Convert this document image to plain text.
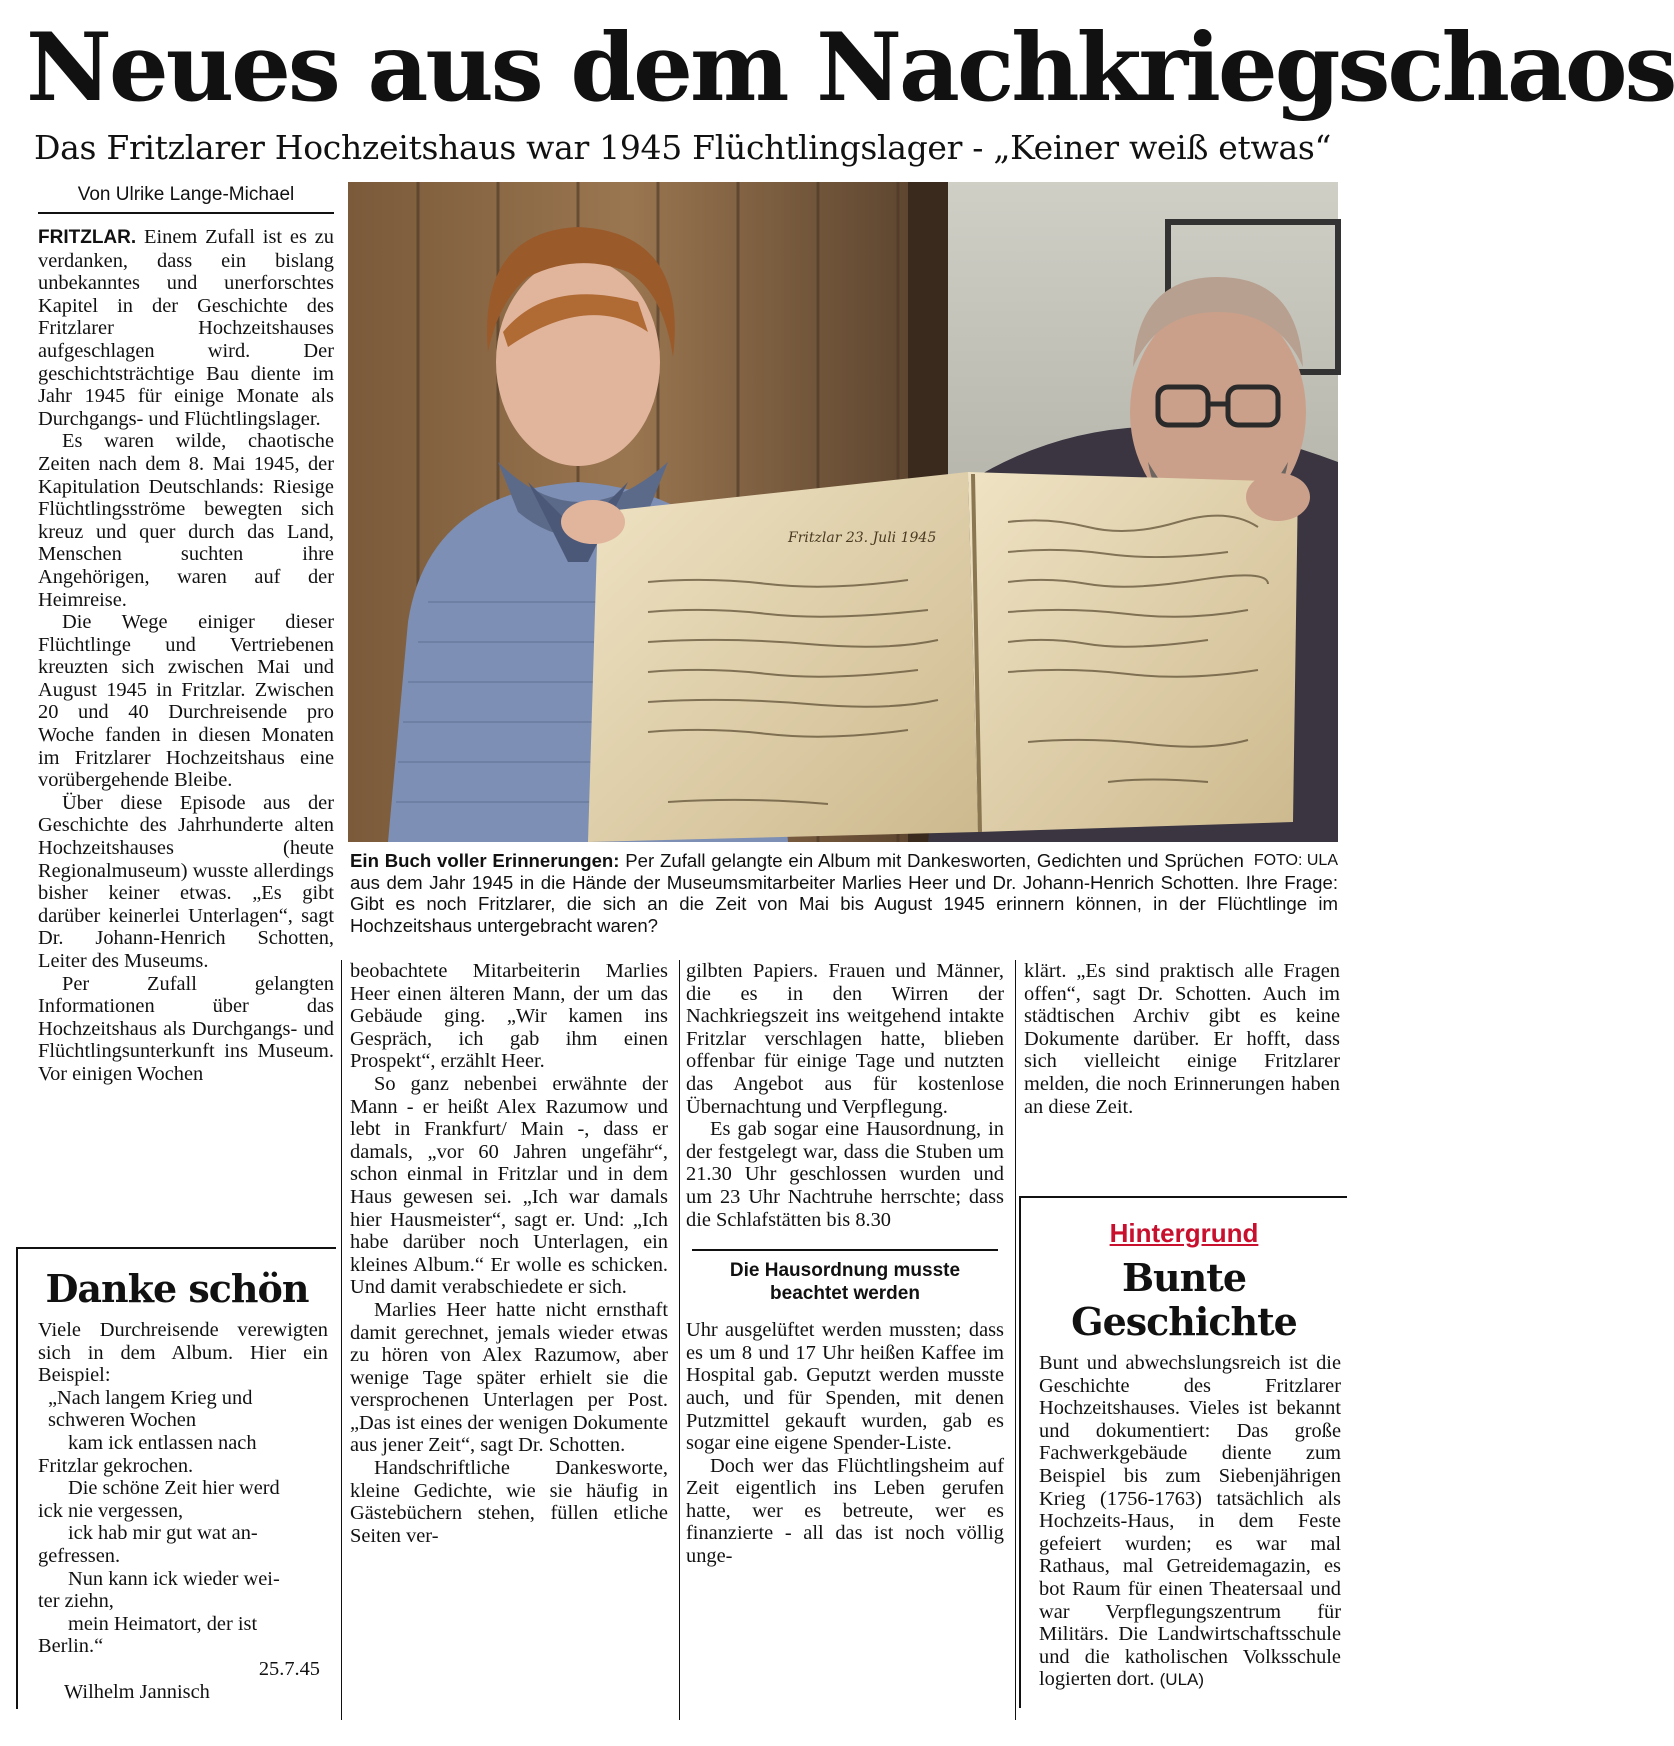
Neues aus dem Nachkriegschaos
Das Fritzlarer Hochzeitshaus war 1945 Flüchtlingslager - „Keiner weiß etwas“
Von Ulrike Lange-Michael

FRITZLAR. Einem Zufall ist es zu verdanken, dass ein bislang unbekanntes und unerforschtes Kapitel in der Geschichte des Fritzlarer Hochzeitshauses aufgeschlagen wird. Der geschichtsträchtige Bau diente im Jahr 1945 für einige Monate als Durchgangs- und Flüchtlingslager.

Es waren wilde, chaotische Zeiten nach dem 8. Mai 1945, der Kapitulation Deutschlands: Riesige Flüchtlingsströme bewegten sich kreuz und quer durch das Land, Menschen suchten ihre Angehörigen, waren auf der Heimreise.

Die Wege einiger dieser Flüchtlinge und Vertriebenen kreuzten sich zwischen Mai und August 1945 in Fritzlar. Zwischen 20 und 40 Durchreisende pro Woche fanden in diesen Monaten im Fritzlarer Hochzeitshaus eine vorübergehende Bleibe.

Über diese Episode aus der Geschichte des Jahrhunderte alten Hochzeitshauses (heute Regionalmuseum) wusste allerdings bisher keiner etwas. „Es gibt darüber keinerlei Unterlagen“, sagt Dr. Johann-Henrich Schotten, Leiter des Museums.

Per Zufall gelangten Informationen über das Hochzeitshaus als Durchgangs- und Flüchtlingsunterkunft ins Museum. Vor einigen Wochen

Fritzlar 23. Juli 1945
FOTO: ULA
Ein Buch voller Erinnerungen: Per Zufall gelangte ein Album mit Dankesworten, Gedichten und Sprüchen aus dem Jahr 1945 in die Hände der Museumsmitarbeiter Marlies Heer und Dr. Johann-Henrich Schotten. Ihre Frage: Gibt es noch Fritzlarer, die sich an die Zeit von Mai bis August 1945 erinnern können, in der Flüchtlinge im Hochzeitshaus untergebracht waren?

beobachtete Mitarbeiterin Marlies Heer einen älteren Mann, der um das Gebäude ging. „Wir kamen ins Gespräch, ich gab ihm einen Prospekt“, erzählt Heer.

So ganz nebenbei erwähnte der Mann - er heißt Alex Razumow und lebt in Frankfurt/ Main -, dass er damals, „vor 60 Jahren ungefähr“, schon einmal in Fritzlar und in dem Haus gewesen sei. „Ich war damals hier Hausmeister“, sagt er. Und: „Ich habe darüber noch Unterlagen, ein kleines Album.“ Er wolle es schicken. Und damit verabschiedete er sich.

Marlies Heer hatte nicht ernsthaft damit gerechnet, jemals wieder etwas zu hören von Alex Razumow, aber wenige Tage später erhielt sie die versprochenen Unterlagen per Post. „Das ist eines der wenigen Dokumente aus jener Zeit“, sagt Dr. Schotten.

Handschriftliche Dankesworte, kleine Gedichte, wie sie häufig in Gästebüchern stehen, füllen etliche Seiten ver-

gilbten Papiers. Frauen und Männer, die es in den Wirren der Nachkriegszeit ins weitgehend intakte Fritzlar verschlagen hatte, blieben offenbar für einige Tage und nutzten das Angebot aus für kostenlose Übernachtung und Verpflegung.

Es gab sogar eine Hausordnung, in der festgelegt war, dass die Stuben um 21.30 Uhr geschlossen wurden und um 23 Uhr Nachtruhe herrschte; dass die Schlafstätten bis 8.30

Die Hausordnung musste beachtet werden

Uhr ausgelüftet werden mussten; dass es um 8 und 17 Uhr heißen Kaffee im Hospital gab. Geputzt werden musste auch, und für Spenden, mit denen Putzmittel gekauft wurden, gab es sogar eine eigene Spender-Liste.

Doch wer das Flüchtlingsheim auf Zeit eigentlich ins Leben gerufen hatte, wer es betreute, wer es finanzierte - all das ist noch völlig unge-

klärt. „Es sind praktisch alle Fragen offen“, sagt Dr. Schotten. Auch im städtischen Archiv gibt es keine Dokumente darüber. Er hofft, dass sich vielleicht einige Fritzlarer melden, die noch Erinnerungen haben an diese Zeit.

Danke schön

Viele Durchreisende verewigten sich in dem Album. Hier ein Beispiel:

„Nach langem Krieg und
schweren Wochen
kam ick entlassen nach
Fritzlar gekrochen.
Die schöne Zeit hier werd
ick nie vergessen,
ick hab mir gut wat an-
gefressen.
Nun kann ick wieder wei-
ter ziehn,
mein Heimatort, der ist
Berlin.“
25.7.45
Wilhelm Jannisch
Hintergrund
Bunte Geschichte

Bunt und abwechslungsreich ist die Geschichte des Fritzlarer Hochzeitshauses. Vieles ist bekannt und dokumentiert: Das große Fachwerkgebäude diente zum Beispiel bis zum Siebenjährigen Krieg (1756-1763) tatsächlich als Hochzeits-Haus, in dem Feste gefeiert wurden; es war mal Rathaus, mal Getreidemagazin, es bot Raum für einen Theatersaal und war Verpflegungszentrum für Militärs. Die Landwirtschaftsschule und die katholischen Volksschule logierten dort. (ULA)
